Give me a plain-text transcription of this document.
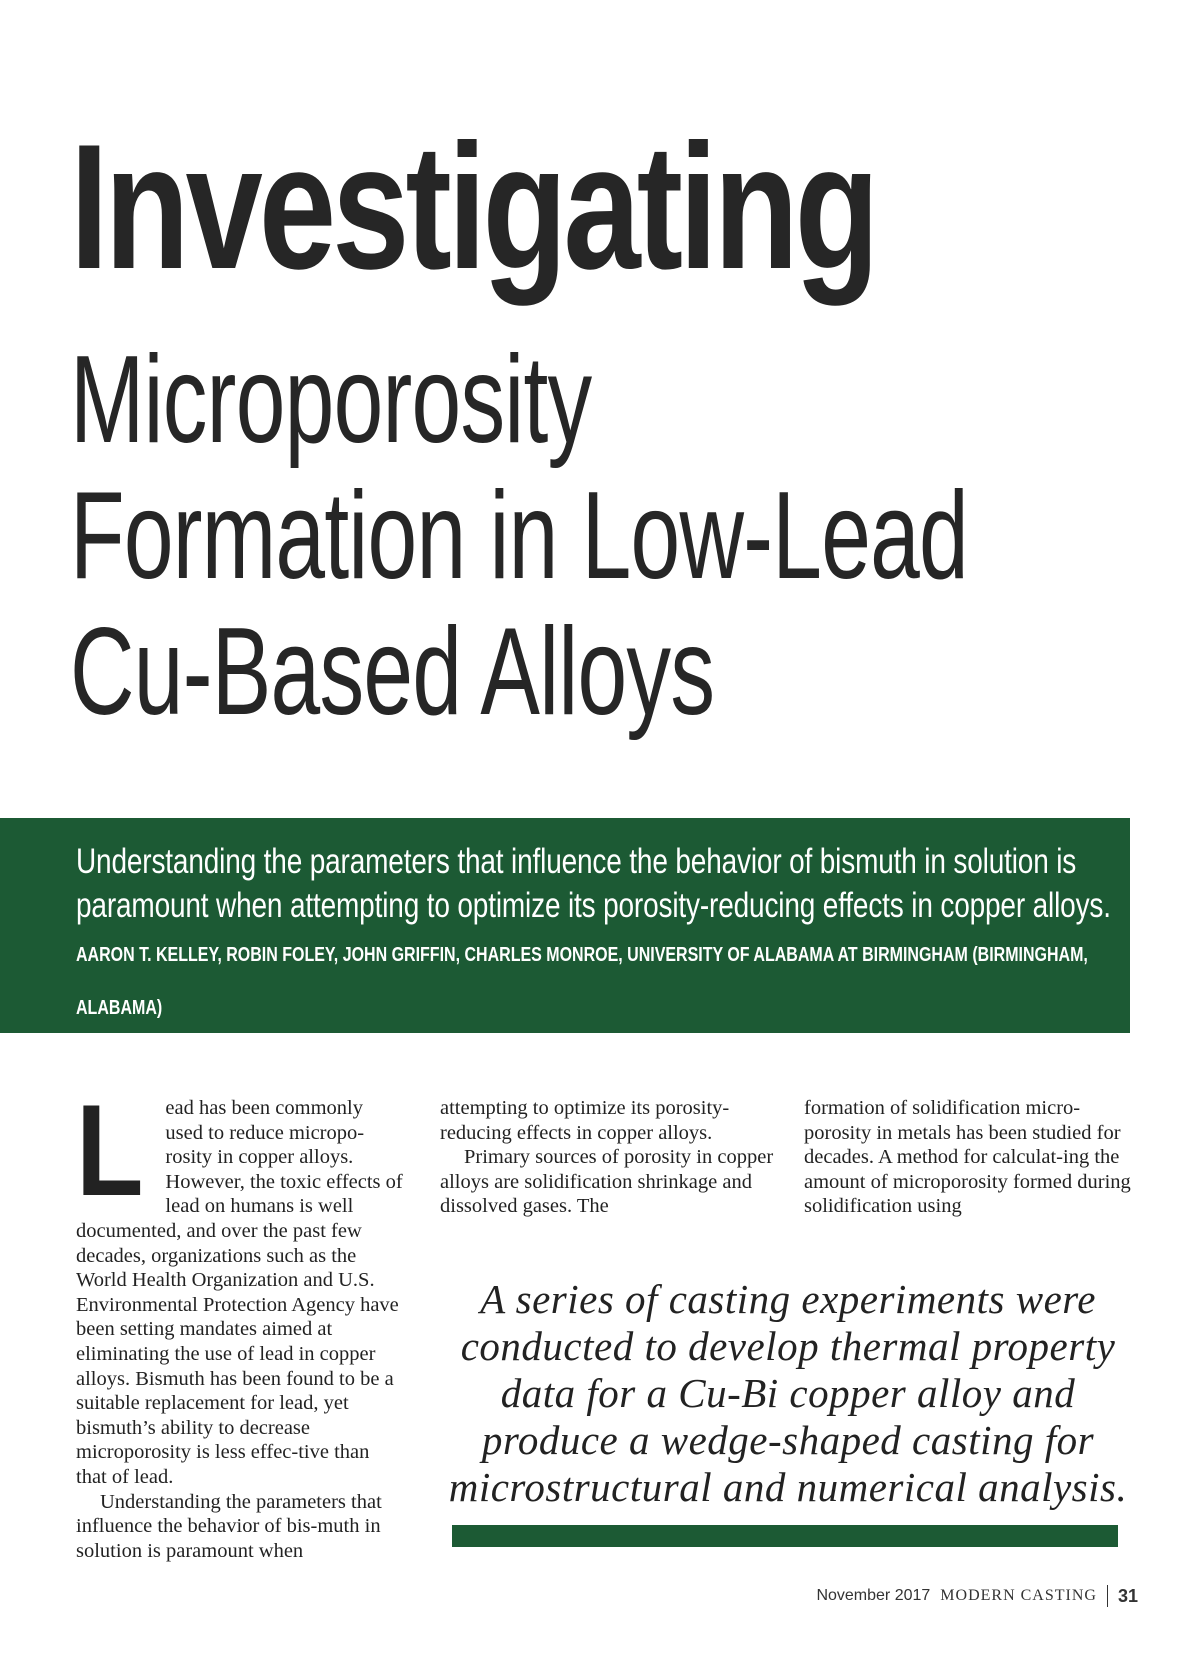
Investigating
Microporosity
Formation in Low-Lead
Cu-Based Alloys
Understanding the parameters that influence the behavior of bismuth in solution is paramount when attempting to optimize its porosity-reducing effects in copper alloys. AARON T. KELLEY, ROBIN FOLEY, JOHN GRIFFIN, CHARLES MONROE, UNIVERSITY OF ALABAMA AT BIRMINGHAM (BIRMINGHAM, ALABAMA)

L ead has been commonly used to reduce micropo-rosity in copper alloys. However, the toxic effects of lead on humans is well documented, and over the past few decades, organizations such as the World Health Organization and U.S. Environmental Protection Agency have been setting mandates aimed at eliminating the use of lead in copper alloys. Bismuth has been found to be a suitable replacement for lead, yet bismuth’s ability to decrease microporosity is less effec-tive than that of lead.

Understanding the parameters that influence the behavior of bis-muth in solution is paramount when

attempting to optimize its porosity-reducing effects in copper alloys.

Primary sources of porosity in copper alloys are solidification shrinkage and dissolved gases. The

formation of solidification micro-porosity in metals has been studied for decades. A method for calculat-ing the amount of microporosity formed during solidification using

A series of casting experiments were conducted to develop thermal property data for a Cu-Bi copper alloy and produce a wedge-shaped casting for microstructural and numerical analysis.
November 2017 MODERN CASTING 31
